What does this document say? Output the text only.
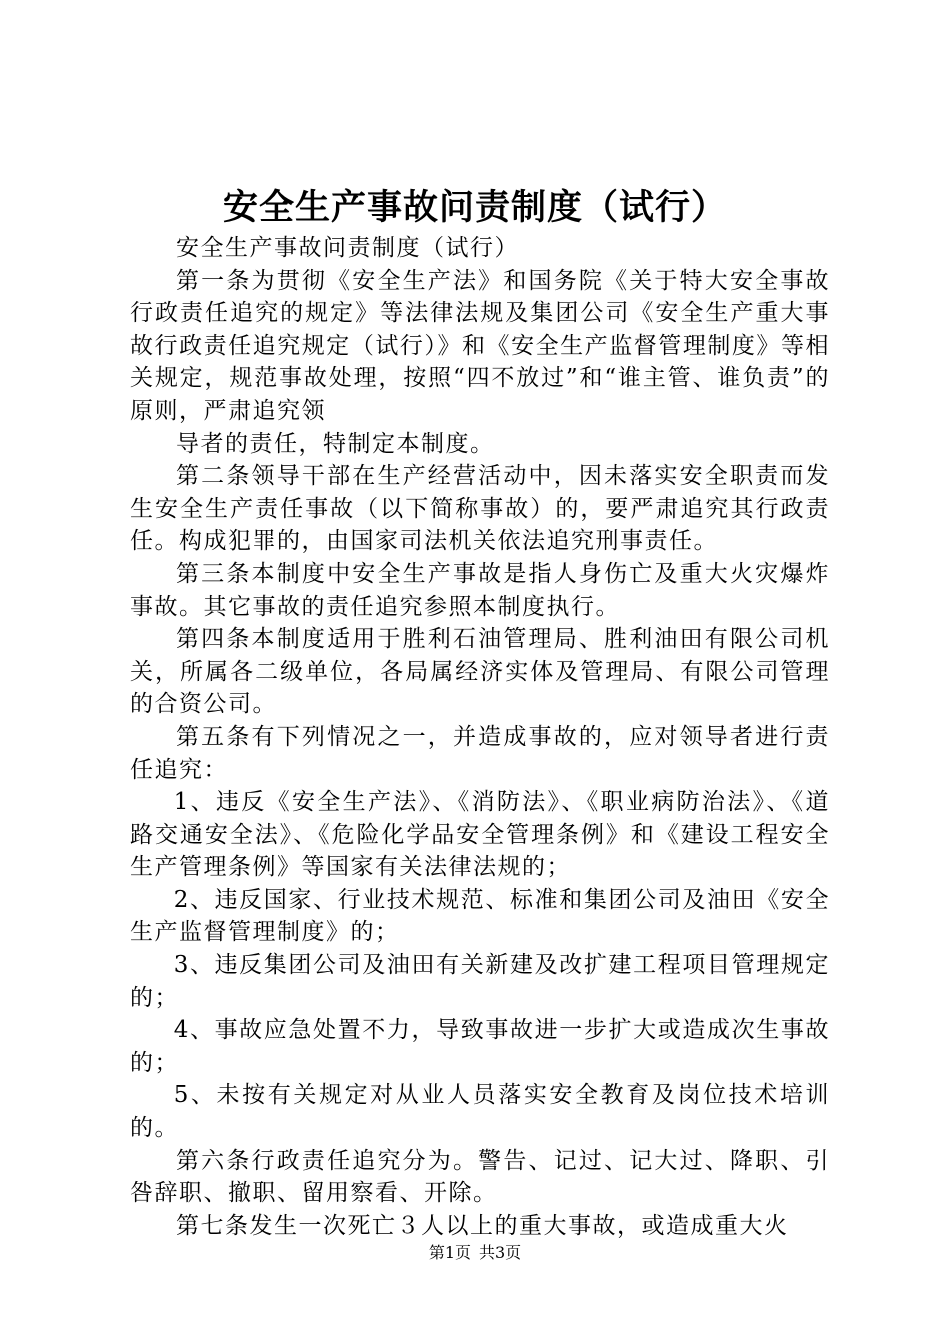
安全生产事故问责制度（试行）

安全生产事故问责制度（试行）

第一条为贯彻《安全生产法》和国务院《关于特大安全事故行政责任追究的规定》等法律法规及集团公司《安全生产重大事故行政责任追究规定（试行）》和《安全生产监督管理制度》等相关规定，规范事故处理，按照“四不放过”和“谁主管、谁负责”的原则，严肃追究领

导者的责任，特制定本制度。

第二条领导干部在生产经营活动中，因未落实安全职责而发生安全生产责任事故（以下简称事故）的，要严肃追究其行政责任。构成犯罪的，由国家司法机关依法追究刑事责任。

第三条本制度中安全生产事故是指人身伤亡及重大火灾爆炸事故。其它事故的责任追究参照本制度执行。

第四条本制度适用于胜利石油管理局、胜利油田有限公司机关，所属各二级单位，各局属经济实体及管理局、有限公司管理的合资公司。

第五条有下列情况之一，并造成事故的，应对领导者进行责任追究：

1、违反《安全生产法》、《消防法》、《职业病防治法》、《道路交通安全法》、《危险化学品安全管理条例》和《建设工程安全生产管理条例》等国家有关法律法规的；

2、违反国家、行业技术规范、标准和集团公司及油田《安全生产监督管理制度》的；

3、违反集团公司及油田有关新建及改扩建工程项目管理规定的；

4、事故应急处置不力，导致事故进一步扩大或造成次生事故的；

5、未按有关规定对从业人员落实安全教育及岗位技术培训的。

第六条行政责任追究分为。警告、记过、记大过、降职、引咎辞职、撤职、留用察看、开除。

第七条发生一次死亡３人以上的重大事故，或造成重大火

第1页 共3页
